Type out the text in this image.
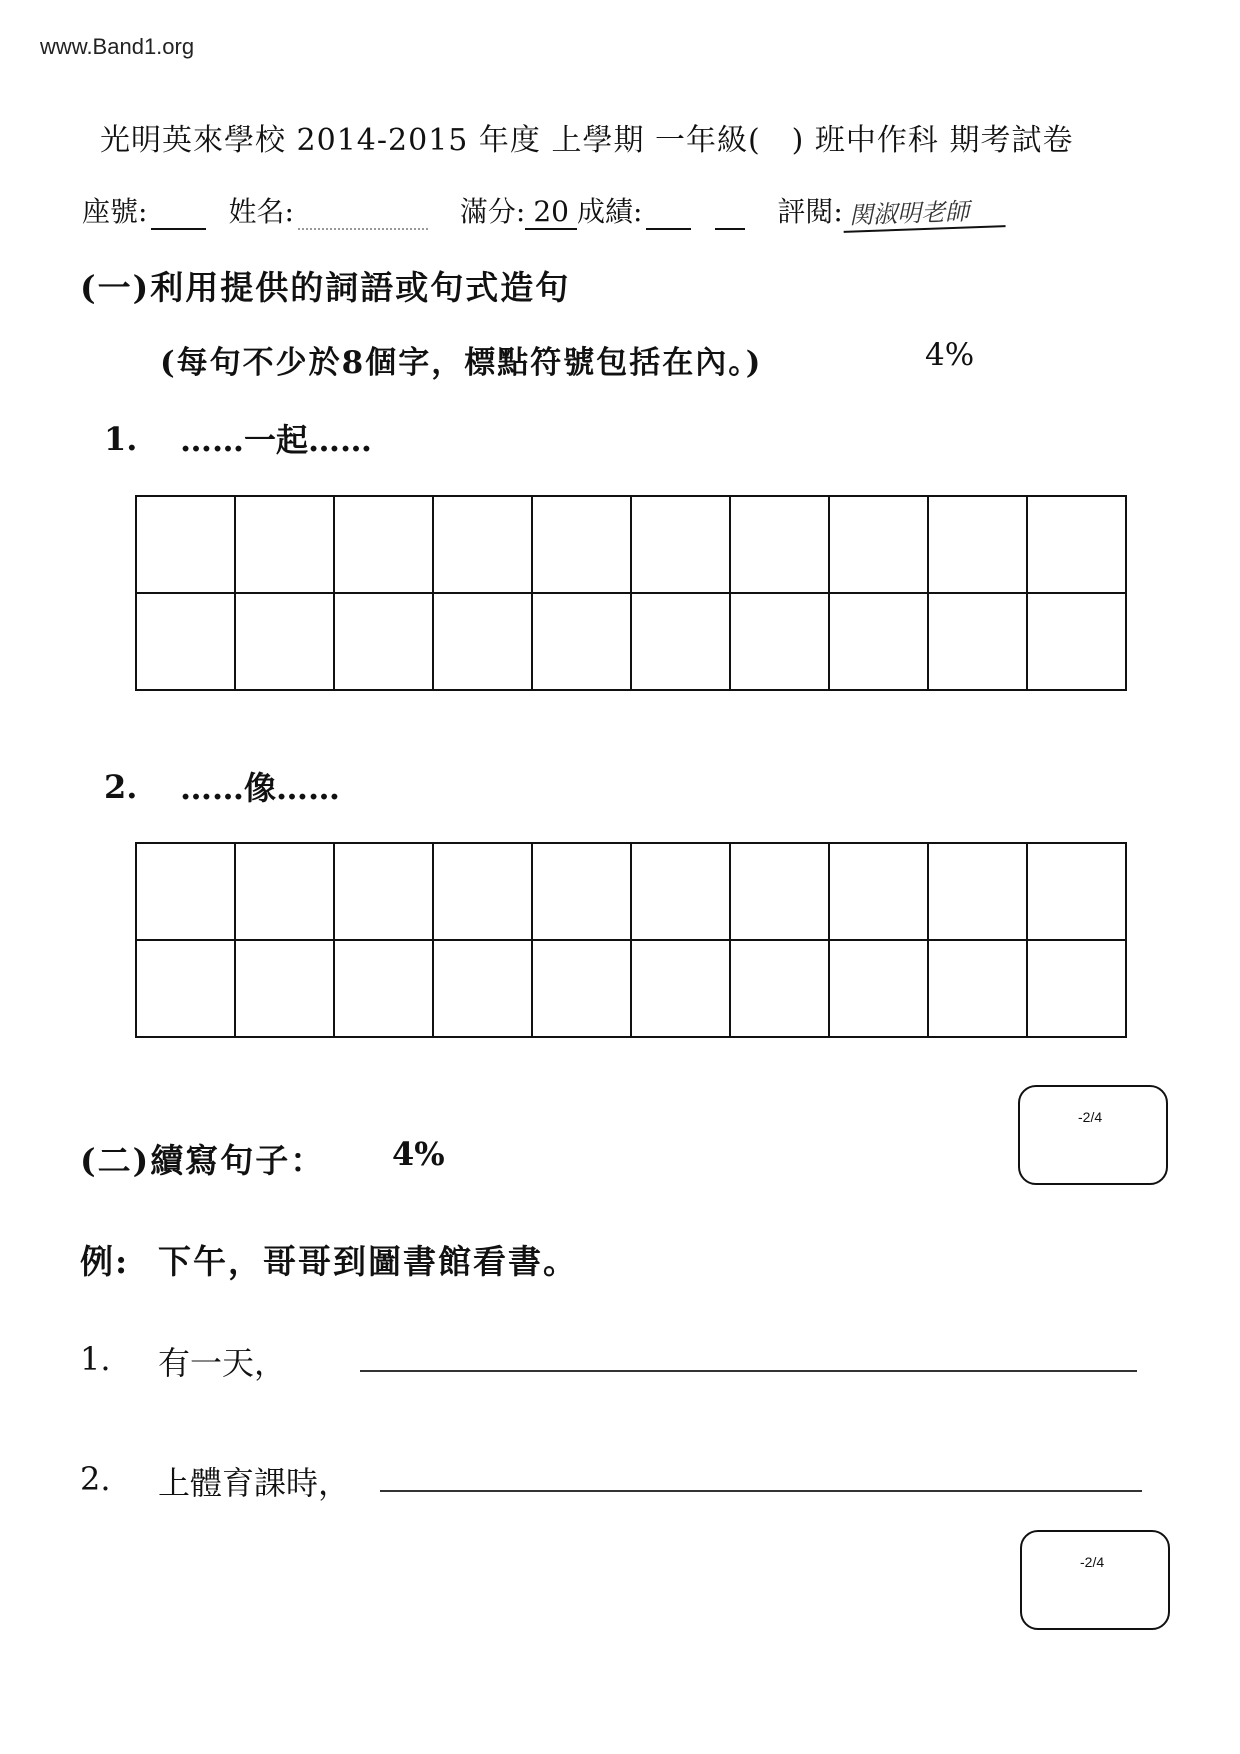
www.Band1.org
光明英來學校 2014-2015 年度 上學期 一年級(　) 班中作科 期考試卷
座號:	姓名:	滿分: 20 成績:	評閱: 関淑明老師
(一)利用提供的詞語或句式造句
(每句不少於8個字，標點符號包括在內。)	4%
1. ……一起……

2. ……像……

-2/4
(二)續寫句子： 4%
例: 下午，哥哥到圖書館看書。
1. 有一天，
2. 上體育課時，
-2/4
